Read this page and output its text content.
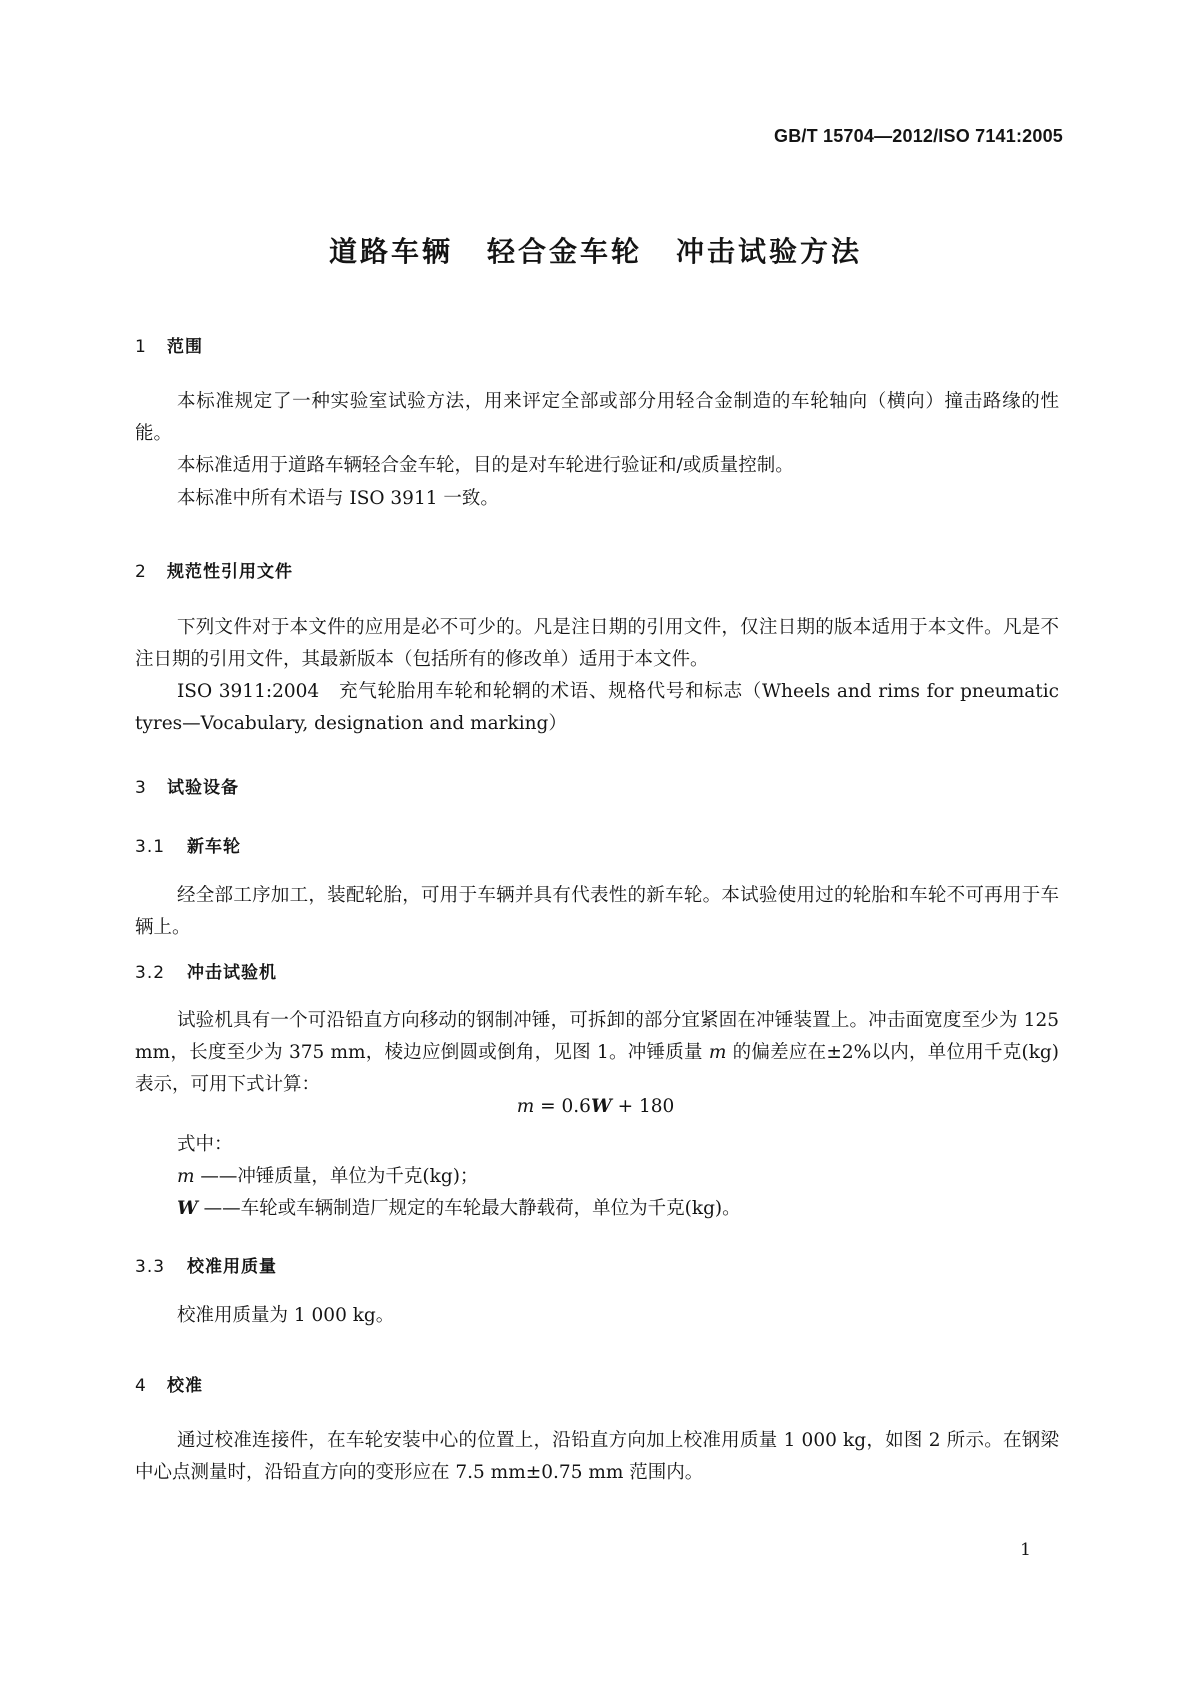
GB/T 15704—2012/ISO 7141:2005
道路车辆 轻合金车轮 冲击试验方法
1 范围

本标准规定了一种实验室试验方法，用来评定全部或部分用轻合金制造的车轮轴向（横向）撞击路缘的性能。

本标准适用于道路车辆轻合金车轮，目的是对车轮进行验证和/或质量控制。

本标准中所有术语与 ISO 3911 一致。

2 规范性引用文件

下列文件对于本文件的应用是必不可少的。凡是注日期的引用文件，仅注日期的版本适用于本文件。凡是不注日期的引用文件，其最新版本（包括所有的修改单）适用于本文件。

ISO 3911:2004　充气轮胎用车轮和轮辋的术语、规格代号和标志（Wheels and rims for pneumatic tyres—Vocabulary, designation and marking）

3 试验设备
3.1 新车轮

经全部工序加工，装配轮胎，可用于车辆并具有代表性的新车轮。本试验使用过的轮胎和车轮不可再用于车辆上。

3.2 冲击试验机

试验机具有一个可沿铅直方向移动的钢制冲锤，可拆卸的部分宜紧固在冲锤装置上。冲击面宽度至少为 125 mm，长度至少为 375 mm，棱边应倒圆或倒角，见图 1。冲锤质量 m 的偏差应在±2%以内，单位用千克(kg)表示，可用下式计算：

m = 0.6W + 180

式中：

m ——冲锤质量，单位为千克(kg)；

W ——车轮或车辆制造厂规定的车轮最大静载荷，单位为千克(kg)。

3.3 校准用质量

校准用质量为 1 000 kg。

4 校准

通过校准连接件，在车轮安装中心的位置上，沿铅直方向加上校准用质量 1 000 kg，如图 2 所示。在钢梁中心点测量时，沿铅直方向的变形应在 7.5 mm±0.75 mm 范围内。

1
